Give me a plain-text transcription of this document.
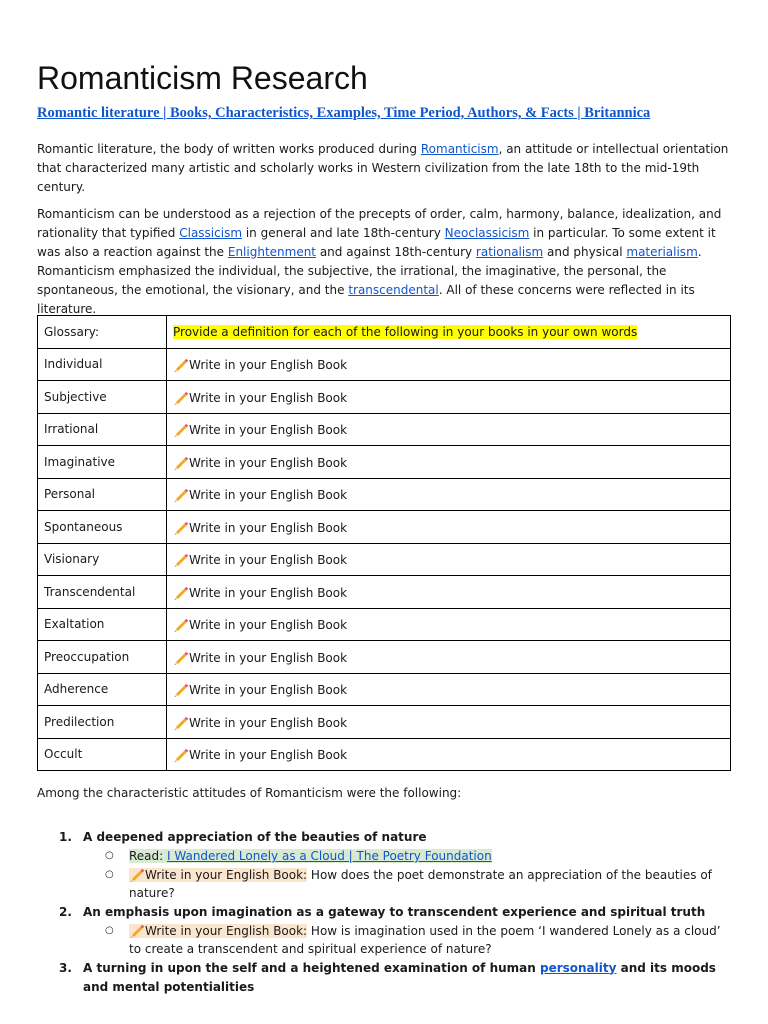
Romanticism Research
Romantic literature | Books, Characteristics, Examples, Time Period, Authors, & Facts | Britannica
Romantic literature, the body of written works produced during Romanticism, an attitude or intellectual orientation that characterized many artistic and scholarly works in Western civilization from the late 18th to the mid-19th century.
Romanticism can be understood as a rejection of the precepts of order, calm, harmony, balance, idealization, and rationality that typified Classicism in general and late 18th-century Neoclassicism in particular. To some extent it was also a reaction against the Enlightenment and against 18th-century rationalism and physical materialism. Romanticism emphasized the individual, the subjective, the irrational, the imaginative, the personal, the spontaneous, the emotional, the visionary, and the transcendental. All of these concerns were reflected in its literature.
Glossary:	Provide a definition for each of the following in your books in your own words
Individual	Write in your English Book
Subjective	Write in your English Book
Irrational	Write in your English Book
Imaginative	Write in your English Book
Personal	Write in your English Book
Spontaneous	Write in your English Book
Visionary	Write in your English Book
Transcendental	Write in your English Book
Exaltation	Write in your English Book
Preoccupation	Write in your English Book
Adherence	Write in your English Book
Predilection	Write in your English Book
Occult	Write in your English Book
Among the characteristic attitudes of Romanticism were the following:
1. A deepened appreciation of the beauties of nature
○ Read: I Wandered Lonely as a Cloud | The Poetry Foundation
○	Write in your English Book: How does the poet demonstrate an appreciation of the beauties of nature?
2. An emphasis upon imagination as a gateway to transcendent experience and spiritual truth
○	Write in your English Book: How is imagination used in the poem ‘I wandered Lonely as a cloud’ to create a transcendent and spiritual experience of nature?
3. A turning in upon the self and a heightened examination of human personality and its moods and mental potentialities
